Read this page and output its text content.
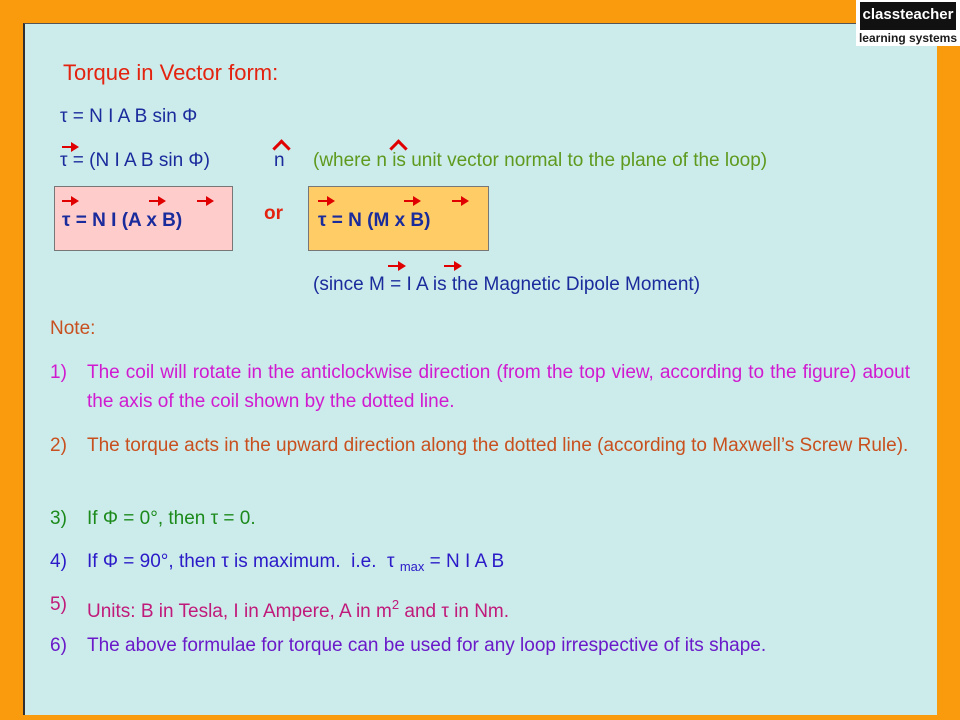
classteacher
learning systems
Torque in Vector form:
τ = N I A B sin Φ
τ = (N I A B sin Φ)	n (where n is unit vector normal to the plane of the loop)
τ = N I (A x B)	or τ = N (M x B)
(since M = I A is the Magnetic Dipole Moment)
Note:
1) The coil will rotate in the anticlockwise direction (from the top view, according to the figure) about the axis of the coil shown by the dotted line.
2) The torque acts in the upward direction along the dotted line (according to Maxwell’s Screw Rule).
3) If Φ = 0°, then τ = 0.
4) If Φ = 90°, then τ is maximum.  i.e.  τ $_{max}$ = N I A B
5) Units: B in Tesla, I in Ampere, A in $m^2$ and τ in Nm.
6) The above formulae for torque can be used for any loop irrespective of its shape.
